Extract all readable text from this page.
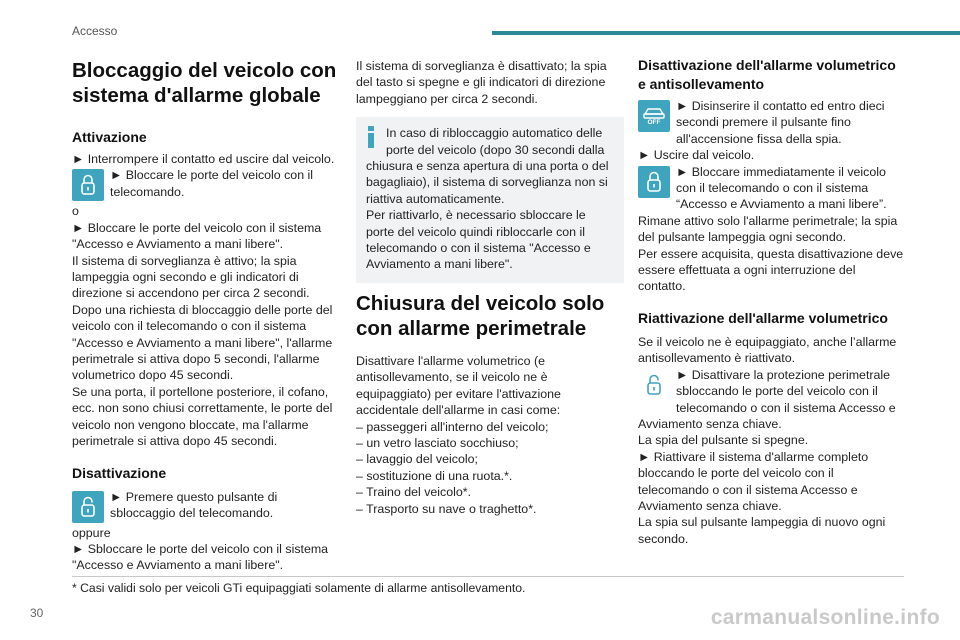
Accesso
Bloccaggio del veicolo con sistema d'allarme globale
Attivazione

► Interrompere il contatto ed uscire dal veicolo.

► Bloccare le porte del veicolo con il telecomando.

o

► Bloccare le porte del veicolo con il sistema "Accesso e Avviamento a mani libere".

Il sistema di sorveglianza è attivo; la spia lampeggia ogni secondo e gli indicatori di direzione si accendono per circa 2 secondi.

Dopo una richiesta di bloccaggio delle porte del veicolo con il telecomando o con il sistema "Accesso e Avviamento a mani libere", l'allarme perimetrale si attiva dopo 5 secondi, l'allarme volumetrico dopo 45 secondi.

Se una porta, il portellone posteriore, il cofano, ecc. non sono chiusi correttamente, le porte del veicolo non vengono bloccate, ma l'allarme perimetrale si attiva dopo 45 secondi.

Disattivazione

► Premere questo pulsante di sbloccaggio del telecomando.

oppure

► Sbloccare le porte del veicolo con il sistema "Accesso e Avviamento a mani libere".

Il sistema di sorveglianza è disattivato; la spia del tasto si spegne e gli indicatori di direzione lampeggiano per circa 2 secondi.

In caso di ribloccaggio automatico delle porte del veicolo (dopo 30 secondi dalla chiusura e senza apertura di una porta o del bagagliaio), il sistema di sorveglianza non si riattiva automaticamente.

Per riattivarlo, è necessario sbloccare le porte del veicolo quindi ribloccarle con il telecomando o con il sistema "Accesso e Avviamento a mani libere".

Chiusura del veicolo solo con allarme perimetrale

Disattivare l'allarme volumetrico (e antisollevamento, se il veicolo ne è equipaggiato) per evitare l'attivazione accidentale dell'allarme in casi come:

– passeggeri all'interno del veicolo;

– un vetro lasciato socchiuso;

– lavaggio del veicolo;

– sostituzione di una ruota.*.

– Traino del veicolo*.

– Trasporto su nave o traghetto*.

Disattivazione dell'allarme volumetrico e antisollevamento
OFF

► Disinserire il contatto ed entro dieci secondi premere il pulsante fino all'accensione fissa della spia.

► Uscire dal veicolo.

► Bloccare immediatamente il veicolo con il telecomando o con il sistema “Accesso e Avviamento a mani libere”.

Rimane attivo solo l'allarme perimetrale; la spia del pulsante lampeggia ogni secondo.

Per essere acquisita, questa disattivazione deve essere effettuata a ogni interruzione del contatto.

Riattivazione dell'allarme volumetrico

Se il veicolo ne è equipaggiato, anche l’allarme antisollevamento è riattivato.

► Disattivare la protezione perimetrale sbloccando le porte del veicolo con il telecomando o con il sistema Accesso e Avviamento senza chiave.

La spia del pulsante si spegne.

► Riattivare il sistema d'allarme completo bloccando le porte del veicolo con il telecomando o con il sistema Accesso e Avviamento senza chiave.

La spia sul pulsante lampeggia di nuovo ogni secondo.

* Casi validi solo per veicoli GTi equipaggiati solamente di allarme antisollevamento.
30	carmanualsonline.info
